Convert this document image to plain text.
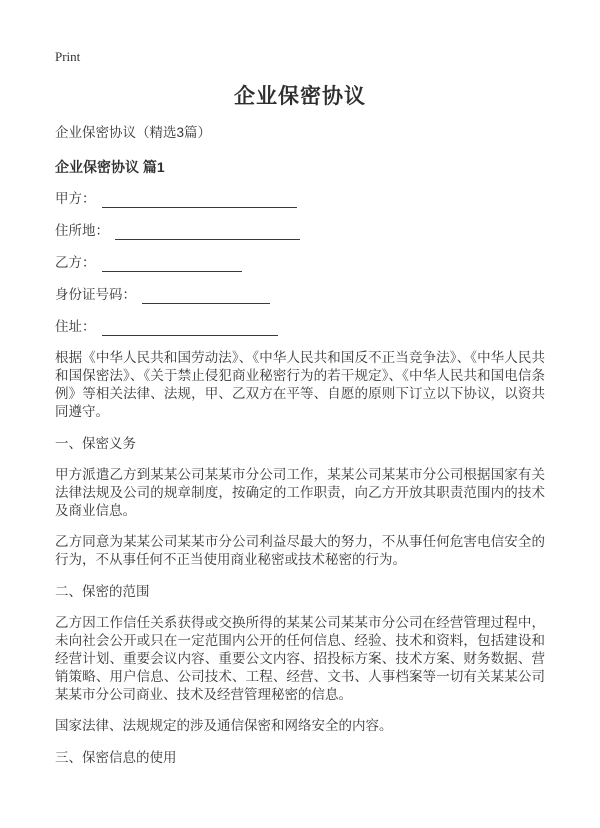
Print
企业保密协议

企业保密协议（精选3篇）

企业保密协议 篇1

甲方：

住所地：

乙方：

身份证号码：

住址：

根据《中华人民共和国劳动法》、《中华人民共和国反不正当竞争法》、《中华人民共和国保密法》、《关于禁止侵犯商业秘密行为的若干规定》、《中华人民共和国电信条例》等相关法律、法规，甲、乙双方在平等、自愿的原则下订立以下协议，以资共同遵守。

一、保密义务

甲方派遣乙方到某某公司某某市分公司工作，某某公司某某市分公司根据国家有关法律法规及公司的规章制度，按确定的工作职责，向乙方开放其职责范围内的技术及商业信息。

乙方同意为某某公司某某市分公司利益尽最大的努力，不从事任何危害电信安全的行为，不从事任何不正当使用商业秘密或技术秘密的行为。

二、保密的范围

乙方因工作信任关系获得或交换所得的某某公司某某市分公司在经营管理过程中，未向社会公开或只在一定范围内公开的任何信息、经验、技术和资料，包括建设和经营计划、重要会议内容、重要公文内容、招投标方案、技术方案、财务数据、营销策略、用户信息、公司技术、工程、经营、文书、人事档案等一切有关某某公司某某市分公司商业、技术及经营管理秘密的信息。

国家法律、法规规定的涉及通信保密和网络安全的内容。

三、保密信息的使用
